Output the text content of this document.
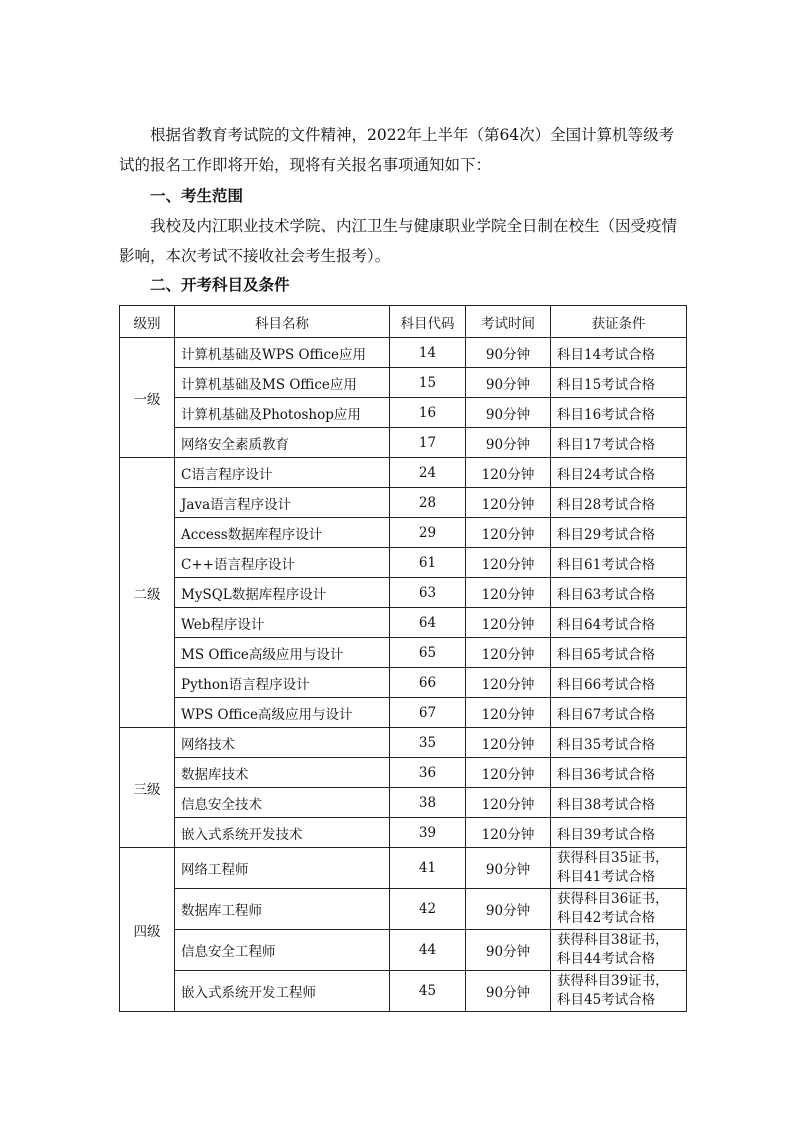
根据省教育考试院的文件精神，2022年上半年（第64次）全国计算机等级考试的报名工作即将开始，现将有关报名事项通知如下：

一、考生范围

我校及内江职业技术学院、内江卫生与健康职业学院全日制在校生（因受疫情影响，本次考试不接收社会考生报考）。

二、开考科目及条件

级别	科目名称	科目代码	考试时间	获证条件
一级	计算机基础及WPS Office应用	14	90分钟	科目14考试合格
	计算机基础及MS Office应用	15	90分钟	科目15考试合格
	计算机基础及Photoshop应用	16	90分钟	科目16考试合格
	网络安全素质教育	17	90分钟	科目17考试合格
二级	C语言程序设计	24	120分钟	科目24考试合格
	Java语言程序设计	28	120分钟	科目28考试合格
	Access数据库程序设计	29	120分钟	科目29考试合格
	C++语言程序设计	61	120分钟	科目61考试合格
	MySQL数据库程序设计	63	120分钟	科目63考试合格
	Web程序设计	64	120分钟	科目64考试合格
	MS Office高级应用与设计	65	120分钟	科目65考试合格
	Python语言程序设计	66	120分钟	科目66考试合格
	WPS Office高级应用与设计	67	120分钟	科目67考试合格
三级	网络技术	35	120分钟	科目35考试合格
	数据库技术	36	120分钟	科目36考试合格
	信息安全技术	38	120分钟	科目38考试合格
	嵌入式系统开发技术	39	120分钟	科目39考试合格
四级	网络工程师	41	90分钟	获得科目35证书，科目41考试合格
	数据库工程师	42	90分钟	获得科目36证书，科目42考试合格
	信息安全工程师	44	90分钟	获得科目38证书，科目44考试合格
	嵌入式系统开发工程师	45	90分钟	获得科目39证书，科目45考试合格
